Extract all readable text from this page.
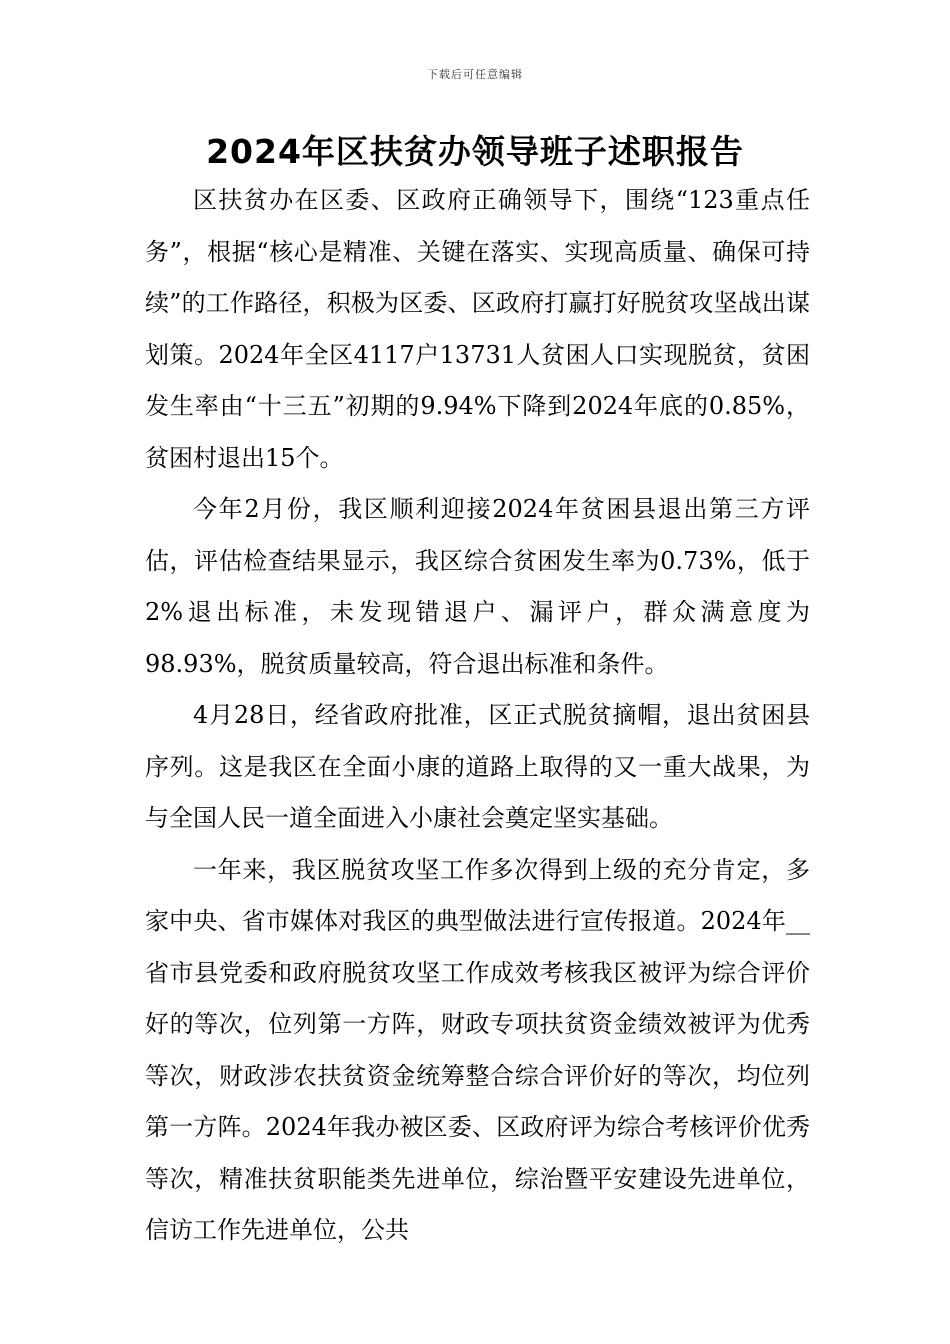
下载后可任意编辑
2024年区扶贫办领导班子述职报告

区扶贫办在区委、区政府正确领导下，围绕“123重点任务”，根据“核心是精准、关键在落实、实现高质量、确保可持续”的工作路径，积极为区委、区政府打赢打好脱贫攻坚战出谋划策。2024年全区4117户13731人贫困人口实现脱贫，贫困发生率由“十三五”初期的9.94%下降到2024年底的0.85%，贫困村退出15个。

今年2月份，我区顺利迎接2024年贫困县退出第三方评估，评估检查结果显示，我区综合贫困发生率为0.73%，低于2%退出标准，未发现错退户、漏评户，群众满意度为98.93%，脱贫质量较高，符合退出标准和条件。

4月28日，经省政府批准，区正式脱贫摘帽，退出贫困县序列。这是我区在全面小康的道路上取得的又一重大战果，为与全国人民一道全面进入小康社会奠定坚实基础。

一年来，我区脱贫攻坚工作多次得到上级的充分肯定，多家中央、省市媒体对我区的典型做法进行宣传报道。2024年__省市县党委和政府脱贫攻坚工作成效考核我区被评为综合评价好的等次，位列第一方阵，财政专项扶贫资金绩效被评为优秀等次，财政涉农扶贫资金统筹整合综合评价好的等次，均位列第一方阵。2024年我办被区委、区政府评为综合考核评价优秀等次，精准扶贫职能类先进单位，综治暨平安建设先进单位，信访工作先进单位，公共
